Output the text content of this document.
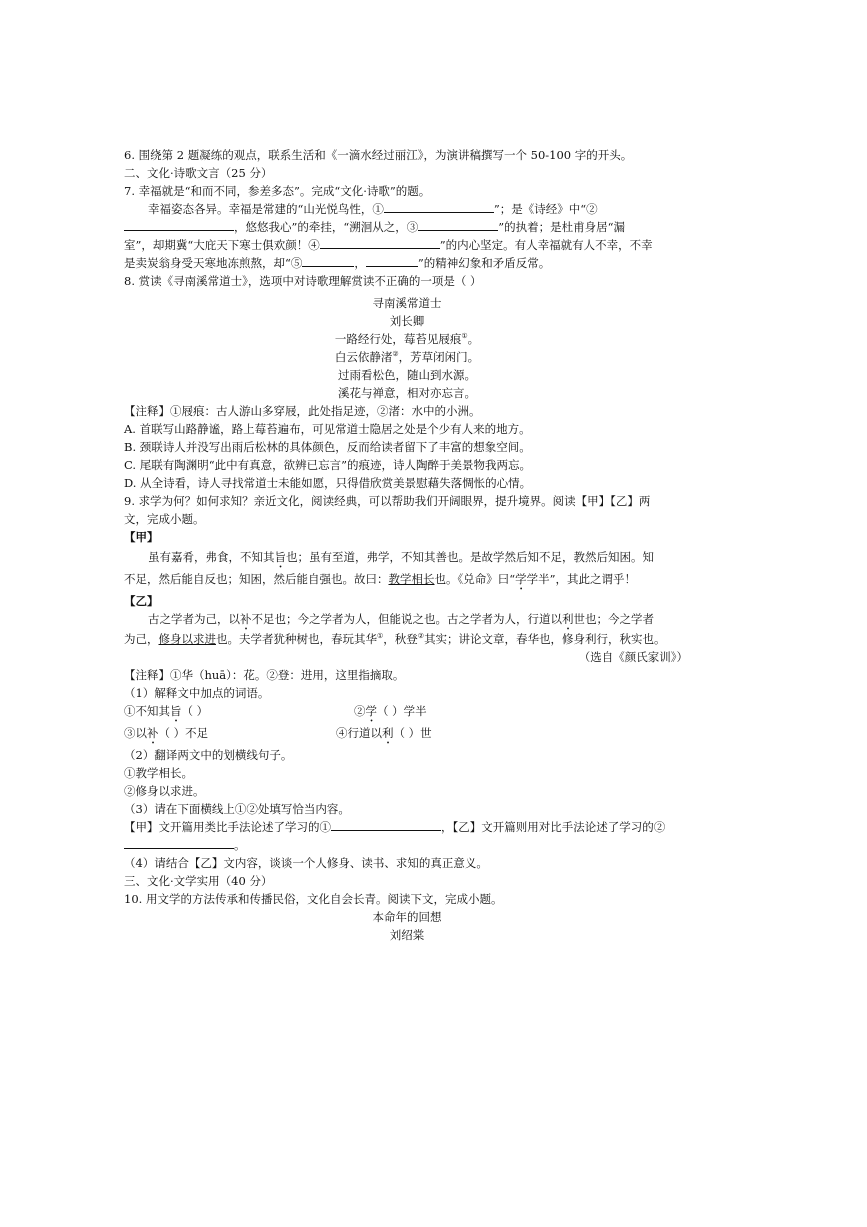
6. 围绕第 2 题凝练的观点，联系生活和《一滴水经过丽江》，为演讲稿撰写一个 50-100 字的开头。
二、文化·诗歌文言（25 分）
7. 幸福就是“和而不同，参差多态”。完成“文化·诗歌”的题。
幸福姿态各异。幸福是常建的“山光悦鸟性，①	”；是《诗经》中“②
，悠悠我心”的牵挂，“溯洄从之，③	”的执着；是杜甫身居“漏
室”，却期冀“大庇天下寒士俱欢颜！④	”的内心坚定。有人幸福就有人不幸，不幸
是卖炭翁身受天寒地冻煎熬，却“⑤	，	”的精神幻象和矛盾反常。
8. 赏读《寻南溪常道士》，选项中对诗歌理解赏读不正确的一项是（ ）
寻南溪常道士
刘长卿
一路经行处，莓苔见屐痕①。
白云依静渚②，芳草闭闲门。
过雨看松色，随山到水源。
溪花与禅意，相对亦忘言。
【注释】①屐痕：古人游山多穿屐，此处指足迹，②渚：水中的小洲。
A. 首联写山路静谧，路上莓苔遍布，可见常道士隐居之处是个少有人来的地方。
B. 颈联诗人并没写出雨后松林的具体颜色，反而给读者留下了丰富的想象空间。
C. 尾联有陶渊明“此中有真意，欲辨已忘言”的痕迹，诗人陶醉于美景物我两忘。
D. 从全诗看，诗人寻找常道士未能如愿，只得借欣赏美景慰藉失落惆怅的心情。
9. 求学为何？如何求知？亲近文化，阅读经典，可以帮助我们开阔眼界，提升境界。阅读【甲】【乙】两
文，完成小题。
【甲】
虽有嘉肴，弗食，不知其旨也；虽有至道，弗学，不知其善也。是故学然后知不足，教然后知困。知
不足，然后能自反也；知困，然后能自强也。故曰：教学相长也。《兑命》曰“学学半”，其此之谓乎！
【乙】
古之学者为己，以补不足也；今之学者为人，但能说之也。古之学者为人，行道以利世也；今之学者
为己，修身以求进也。夫学者犹种树也，春玩其华①，秋登②其实；讲论文章，春华也，修身利行，秋实也。
（选自《颜氏家训》）
【注释】①华（huā）：花。②登：进用，这里指摘取。
（1）解释文中加点的词语。
①不知其旨（ ）	②学（ ）学半
③以补（ ）不足	④行道以利（ ）世
（2）翻译两文中的划横线句子。
①教学相长。
②修身以求进。
（3）请在下面横线上①②处填写恰当内容。
【甲】文开篇用类比手法论述了学习的①	，【乙】文开篇则用对比手法论述了学习的②
。
（4）请结合【乙】文内容，谈谈一个人修身、读书、求知的真正意义。
三、文化·文学实用（40 分）
10. 用文学的方法传承和传播民俗，文化自会长青。阅读下文，完成小题。
本命年的回想
刘绍棠
